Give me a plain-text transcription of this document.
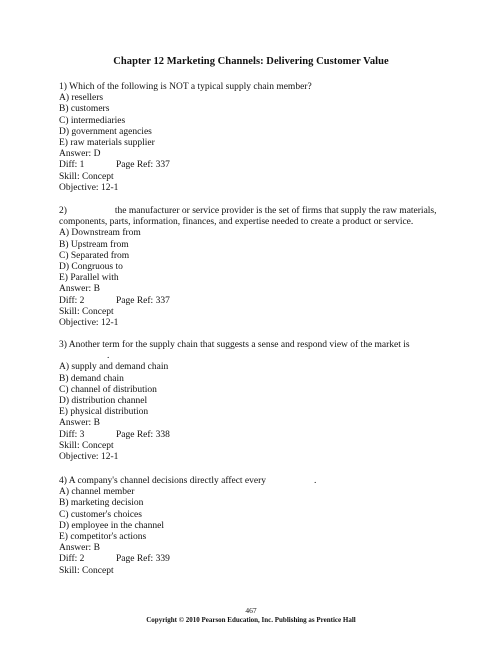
Chapter 12 Marketing Channels: Delivering Customer Value
1) Which of the following is NOT a typical supply chain member?
A) resellers
B) customers
C) intermediaries
D) government agencies
E) raw materials supplier
Answer: D
Diff: 1	Page Ref: 337
Skill: Concept
Objective: 12-1
2)	the manufacturer or service provider is the set of firms that supply the raw materials, components, parts, information, finances, and expertise needed to create a product or service.
A) Downstream from
B) Upstream from
C) Separated from
D) Congruous to
E) Parallel with
Answer: B
Diff: 2	Page Ref: 337
Skill: Concept
Objective: 12-1
3) Another term for the supply chain that suggests a sense and respond view of the market is
.
A) supply and demand chain
B) demand chain
C) channel of distribution
D) distribution channel
E) physical distribution
Answer: B
Diff: 3	Page Ref: 338
Skill: Concept
Objective: 12-1
4) A company's channel decisions directly affect every	.
A) channel member
B) marketing decision
C) customer's choices
D) employee in the channel
E) competitor's actions
Answer: B
Diff: 2	Page Ref: 339
Skill: Concept
467
Copyright © 2010 Pearson Education, Inc. Publishing as Prentice Hall
